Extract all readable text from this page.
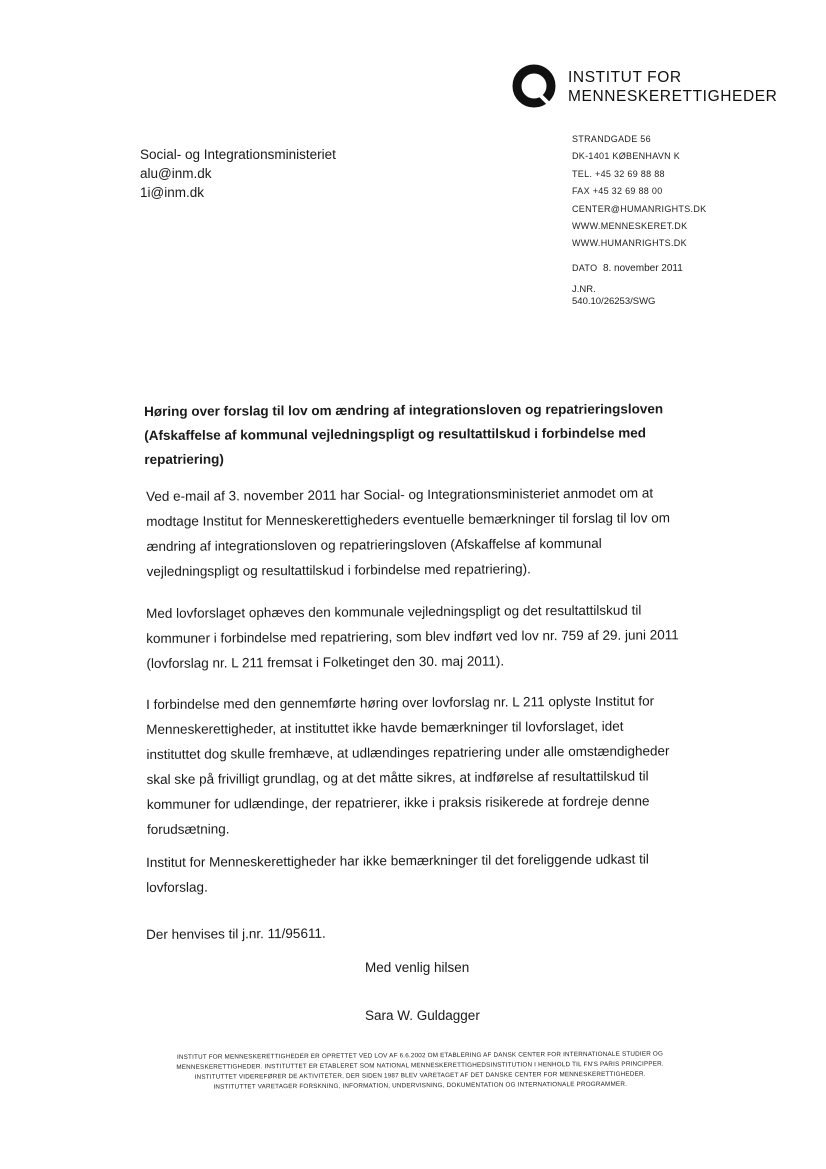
INSTITUT FOR
MENNESKERETTIGHEDER
Social- og Integrationsministeriet
alu@inm.dk
1i@inm.dk
STRANDGADE 56
DK-1401 KØBENHAVN K
TEL. +45 32 69 88 88
FAX +45 32 69 88 00
CENTER@HUMANRIGHTS.DK
WWW.MENNESKERET.DK
WWW.HUMANRIGHTS.DK
DATO 8. november 2011
J.NR.
540.10/26253/SWG
Høring over forslag til lov om ændring af integrationsloven og repatrieringsloven
(Afskaffelse af kommunal vejledningspligt og resultattilskud i forbindelse med
repatriering)
Ved e-mail af 3. november 2011 har Social- og Integrationsministeriet anmodet om at
modtage Institut for Menneskerettigheders eventuelle bemærkninger til forslag til lov om
ændring af integrationsloven og repatrieringsloven (Afskaffelse af kommunal
vejledningspligt og resultattilskud i forbindelse med repatriering).
Med lovforslaget ophæves den kommunale vejledningspligt og det resultattilskud til
kommuner i forbindelse med repatriering, som blev indført ved lov nr. 759 af 29. juni 2011
(lovforslag nr. L 211 fremsat i Folketinget den 30. maj 2011).
I forbindelse med den gennemførte høring over lovforslag nr. L 211 oplyste Institut for
Menneskerettigheder, at instituttet ikke havde bemærkninger til lovforslaget, idet
instituttet dog skulle fremhæve, at udlændinges repatriering under alle omstændigheder
skal ske på frivilligt grundlag, og at det måtte sikres, at indførelse af resultattilskud til
kommuner for udlændinge, der repatrierer, ikke i praksis risikerede at fordreje denne
forudsætning.
Institut for Menneskerettigheder har ikke bemærkninger til det foreliggende udkast til
lovforslag.
Der henvises til j.nr. 11/95611.
Med venlig hilsen
Sara W. Guldagger
INSTITUT FOR MENNESKERETTIGHEDER ER OPRETTET VED LOV AF 6.6.2002 OM ETABLERING AF DANSK CENTER FOR INTERNATIONALE STUDIER OG
MENNESKERETTIGHEDER. INSTITUTTET ER ETABLERET SOM NATIONAL MENNESKERETTIGHEDSINSTITUTION I HENHOLD TIL FN'S PARIS PRINCIPPER.
INSTITUTTET VIDEREFØRER DE AKTIVITETER, DER SIDEN 1987 BLEV VARETAGET AF DET DANSKE CENTER FOR MENNESKERETTIGHEDER.
INSTITUTTET VARETAGER FORSKNING, INFORMATION, UNDERVISNING, DOKUMENTATION OG INTERNATIONALE PROGRAMMER.
